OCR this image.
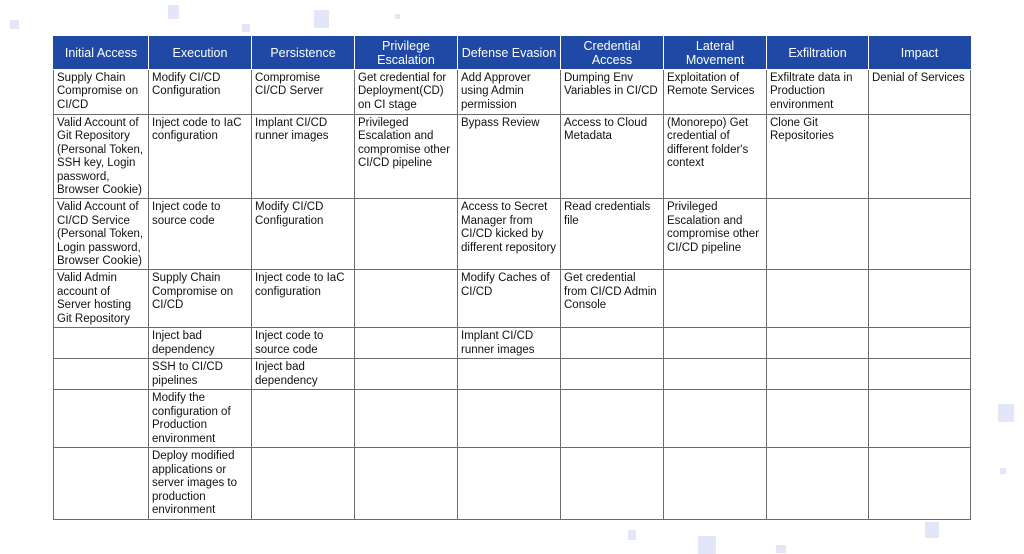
Initial Access	Execution	Persistence	Privilege Escalation	Defense Evasion	Credential Access	Lateral Movement	Exfiltration	Impact
Supply Chain Compromise on CI/CD	Modify CI/CD Configuration	Compromise CI/CD Server	Get credential for Deployment(CD) on CI stage	Add Approver using Admin permission	Dumping Env Variables in CI/CD	Exploitation of Remote Services	Exfiltrate data in Production environment	Denial of Services
Valid Account of Git Repository (Personal Token, SSH key, Login password, Browser Cookie)	Inject code to IaC configuration	Implant CI/CD runner images	Privileged Escalation and compromise other CI/CD pipeline	Bypass Review	Access to Cloud Metadata	(Monorepo) Get credential of different folder's context	Clone Git Repositories	
Valid Account of CI/CD Service (Personal Token, Login password, Browser Cookie)	Inject code to source code	Modify CI/CD Configuration		Access to Secret Manager from CI/CD kicked by different repository	Read credentials file	Privileged Escalation and compromise other CI/CD pipeline		
Valid Admin account of Server hosting Git Repository	Supply Chain Compromise on CI/CD	Inject code to IaC configuration		Modify Caches of CI/CD	Get credential from CI/CD Admin Console			
	Inject bad dependency	Inject code to source code		Implant CI/CD runner images				
	SSH to CI/CD pipelines	Inject bad dependency						
	Modify the configuration of Production environment							
	Deploy modified applications or server images to production environment							
